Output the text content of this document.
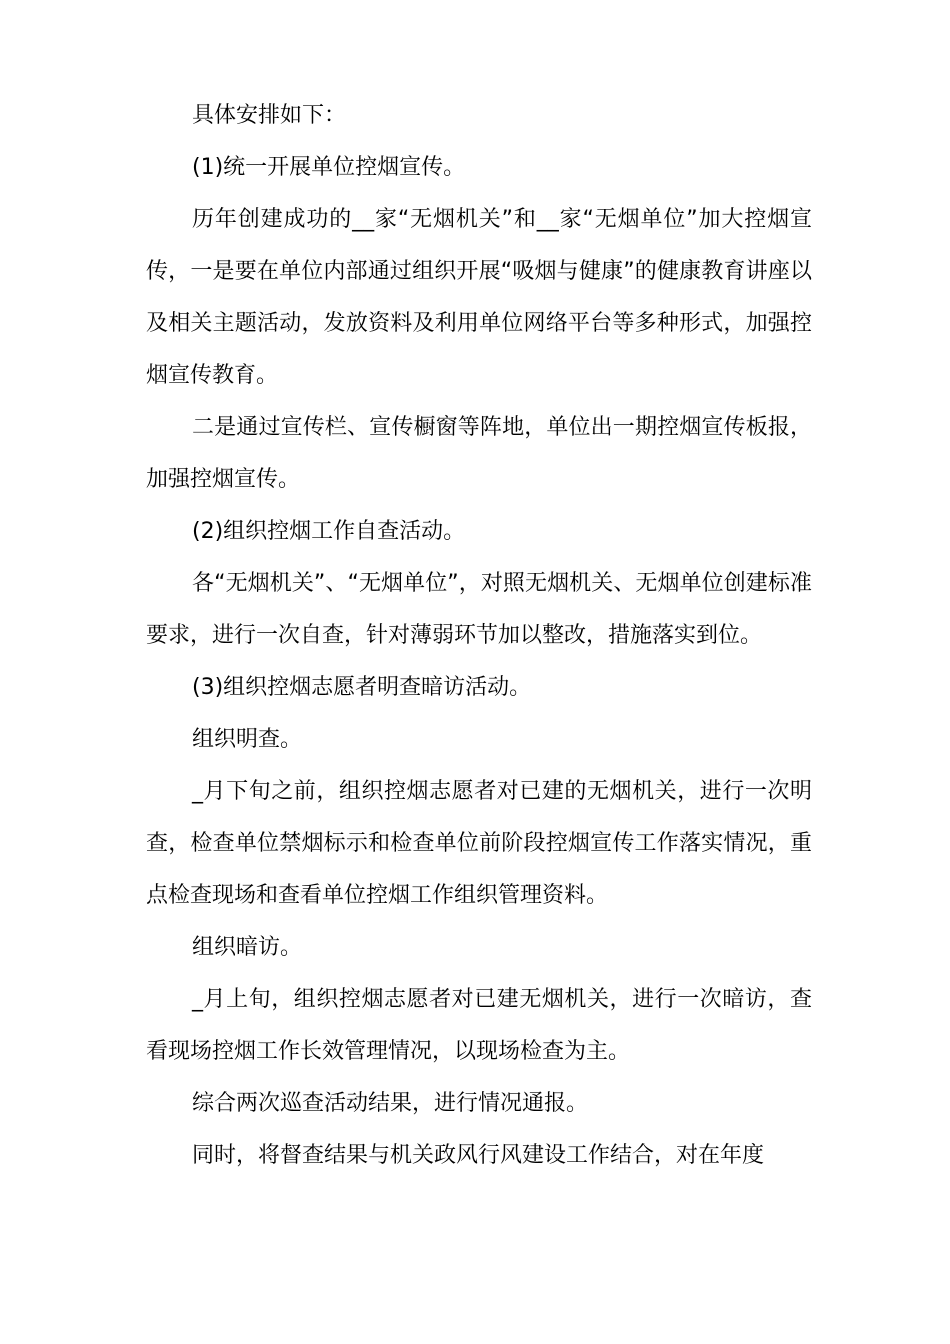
具体安排如下：

(1)统一开展单位控烟宣传。

历年创建成功的__家“无烟机关”和__家“无烟单位”加大控烟宣传，一是要在单位内部通过组织开展“吸烟与健康”的健康教育讲座以及相关主题活动，发放资料及利用单位网络平台等多种形式，加强控烟宣传教育。

二是通过宣传栏、宣传橱窗等阵地，单位出一期控烟宣传板报，加强控烟宣传。

(2)组织控烟工作自查活动。

各“无烟机关”、“无烟单位”，对照无烟机关、无烟单位创建标准要求，进行一次自查，针对薄弱环节加以整改，措施落实到位。

(3)组织控烟志愿者明查暗访活动。

组织明查。

_月下旬之前，组织控烟志愿者对已建的无烟机关，进行一次明查，检查单位禁烟标示和检查单位前阶段控烟宣传工作落实情况，重点检查现场和查看单位控烟工作组织管理资料。

组织暗访。

_月上旬，组织控烟志愿者对已建无烟机关，进行一次暗访，查看现场控烟工作长效管理情况，以现场检查为主。

综合两次巡查活动结果，进行情况通报。

同时，将督查结果与机关政风行风建设工作结合，对在年度
